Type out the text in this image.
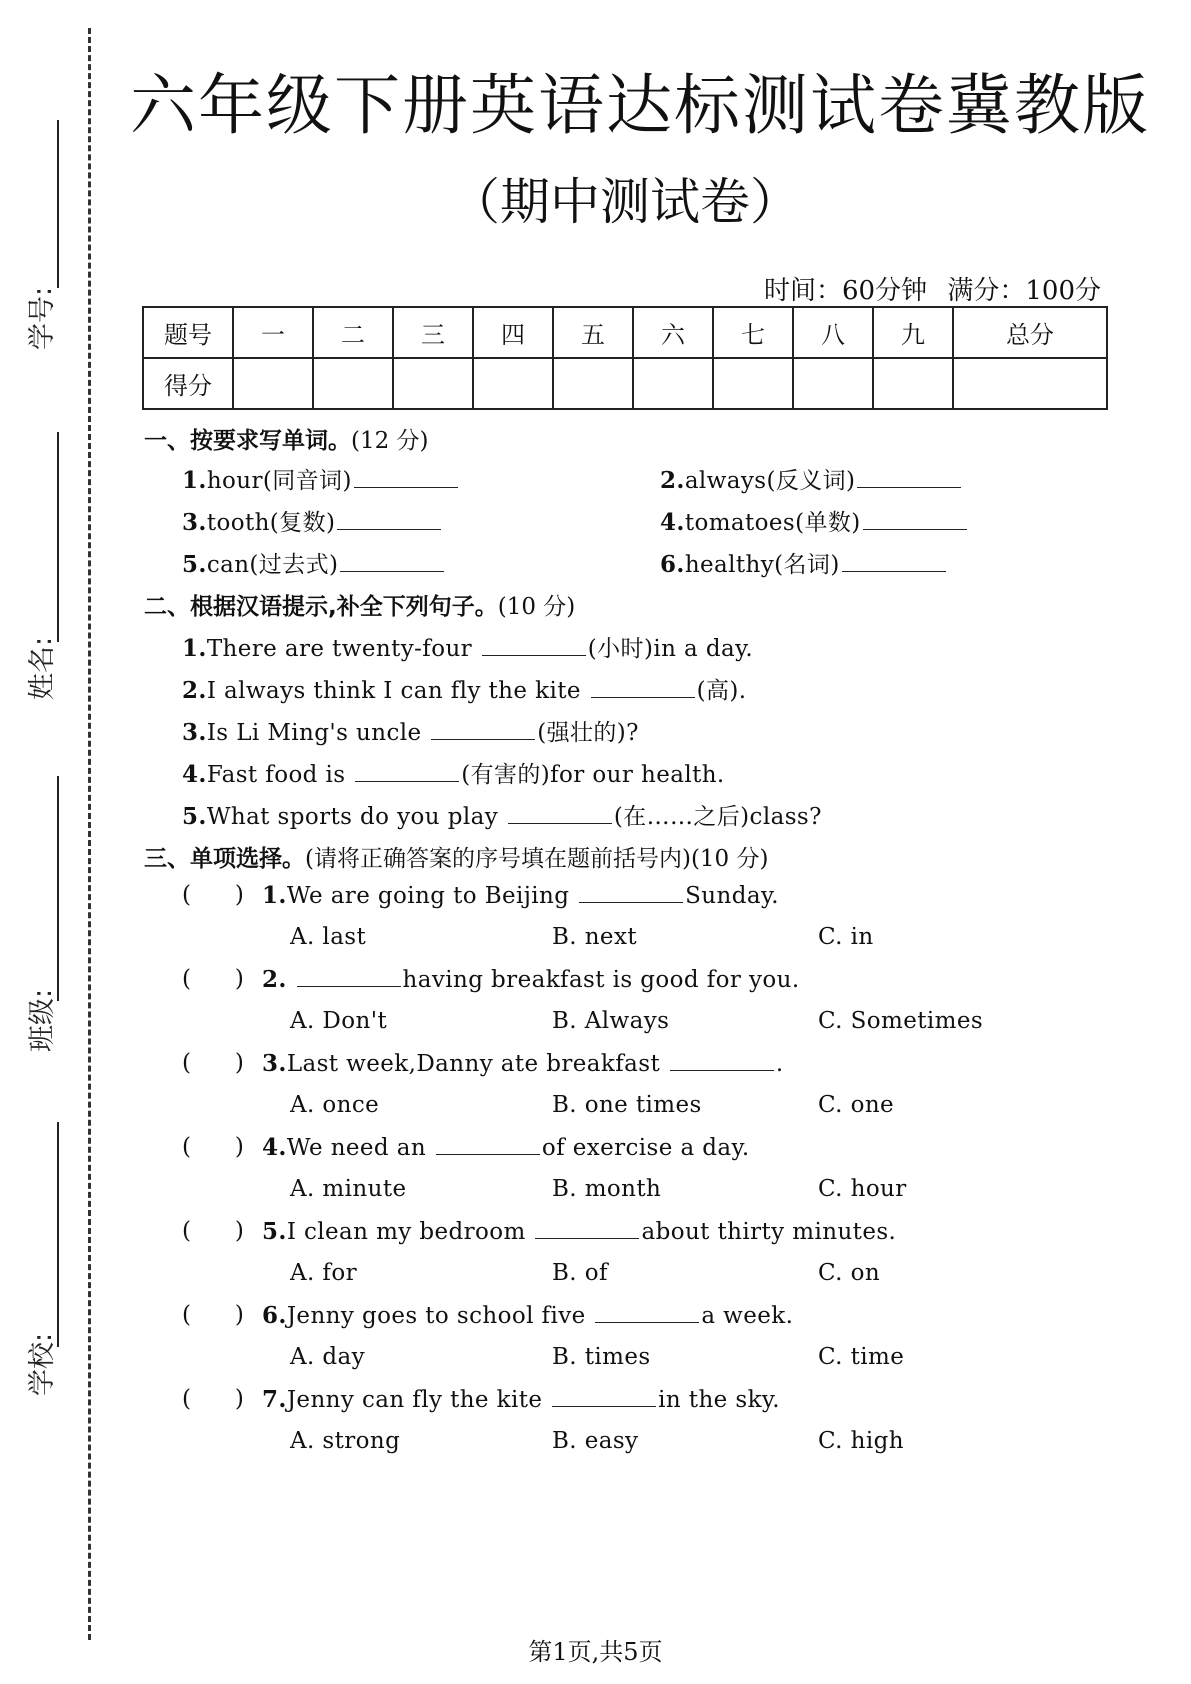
学号:
姓名:
班级:
学校:
六年级下册英语达标测试卷冀教版
（期中测试卷）
时间：60分钟 满分：100分
题号	一	二	三	四	五	六	七	八	九	总分
得分										
一、按要求写单词。(12 分)
1.hour(同音词)	2.always(反义词)
3.tooth(复数)	4.tomatoes(单数)
5.can(过去式)	6.healthy(名词)
二、根据汉语提示,补全下列句子。(10 分)
1.There are twenty-four	(小时)in a day.
2.I always think I can fly the kite	(高).
3.Is Li Ming's uncle	(强壮的)?
4.Fast food is	(有害的)for our health.
5.What sports do you play	(在……之后)class?
三、单项选择。(请将正确答案的序号填在题前括号内)(10 分)
(      ) 1.We are going to Beijing	Sunday.
A. last	B. next	C. in
(      ) 2.	having breakfast is good for you.
A. Don't	B. Always	C. Sometimes
(      ) 3.Last week,Danny ate breakfast	.
A. once	B. one times	C. one
(      ) 4.We need an	of exercise a day.
A. minute	B. month	C. hour
(      ) 5.I clean my bedroom	about thirty minutes.
A. for	B. of	C. on
(      ) 6.Jenny goes to school five	a week.
A. day	B. times	C. time
(      ) 7.Jenny can fly the kite	in the sky.
A. strong	B. easy	C. high
第1页,共5页
